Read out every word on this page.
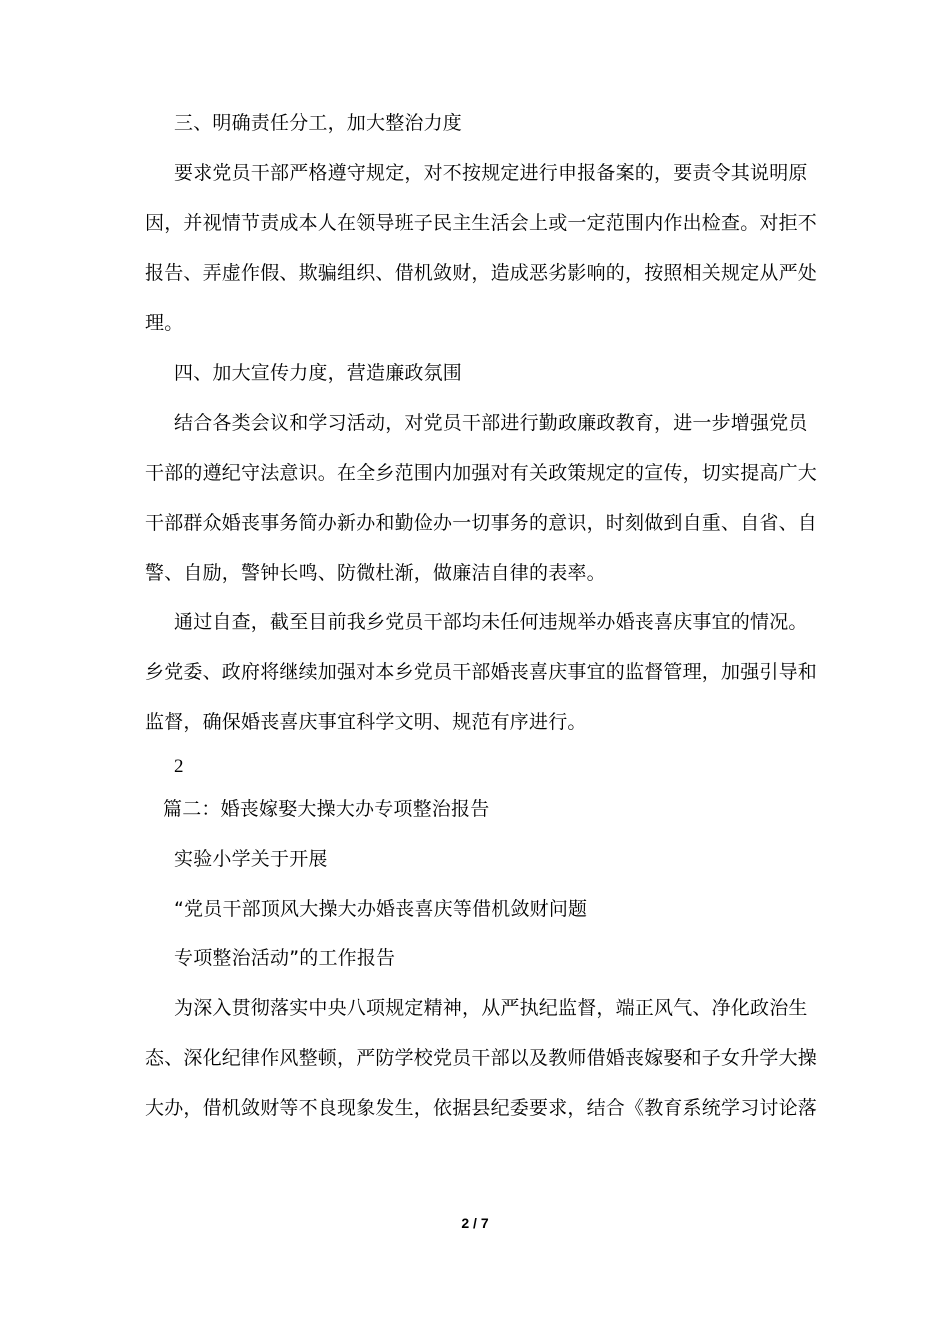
三、明确责任分工，加大整治力度
要求党员干部严格遵守规定，对不按规定进行申报备案的，要责令其说明原
因，并视情节责成本人在领导班子民主生活会上或一定范围内作出检查。对拒不
报告、弄虚作假、欺骗组织、借机敛财，造成恶劣影响的，按照相关规定从严处
理。
四、加大宣传力度，营造廉政氛围
结合各类会议和学习活动，对党员干部进行勤政廉政教育，进一步增强党员
干部的遵纪守法意识。在全乡范围内加强对有关政策规定的宣传，切实提高广大
干部群众婚丧事务简办新办和勤俭办一切事务的意识，时刻做到自重、自省、自
警、自励，警钟长鸣、防微杜渐，做廉洁自律的表率。
通过自查，截至目前我乡党员干部均未任何违规举办婚丧喜庆事宜的情况。
乡党委、政府将继续加强对本乡党员干部婚丧喜庆事宜的监督管理，加强引导和
监督，确保婚丧喜庆事宜科学文明、规范有序进行。
2
篇二：婚丧嫁娶大操大办专项整治报告
实验小学关于开展
“党员干部顶风大操大办婚丧喜庆等借机敛财问题
专项整治活动”的工作报告
为深入贯彻落实中央八项规定精神，从严执纪监督，端正风气、净化政治生
态、深化纪律作风整顿，严防学校党员干部以及教师借婚丧嫁娶和子女升学大操
大办，借机敛财等不良现象发生，依据县纪委要求，结合《教育系统学习讨论落
2 / 7
